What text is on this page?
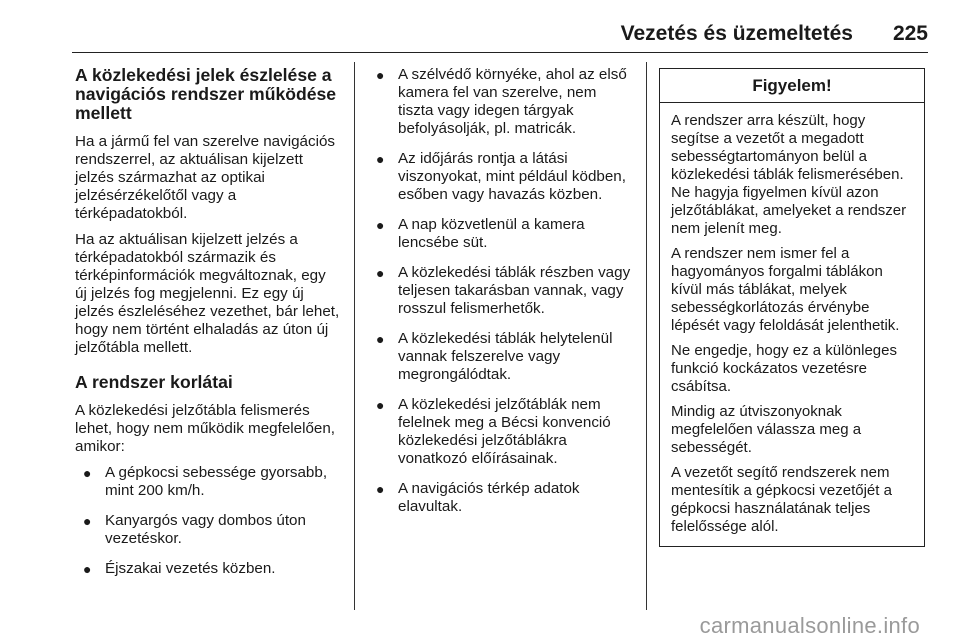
Vezetés és üzemeltetés 225
A közlekedési jelek észlelése a navigációs rendszer működése mellett

Ha a jármű fel van szerelve navigációs rendszerrel, az aktuálisan kijelzett jelzés származhat az optikai jelzésérzékelőtől vagy a térképadatokból.

Ha az aktuálisan kijelzett jelzés a térképadatokból származik és térképinformációk megváltoznak, egy új jelzés fog megjelenni. Ez egy új jelzés észleléséhez vezethet, bár lehet, hogy nem történt elhaladás az úton új jelzőtábla mellett.

A rendszer korlátai

A közlekedési jelzőtábla felismerés lehet, hogy nem működik megfelelően, amikor:

● A gépkocsi sebessége gyorsabb, mint 200 km/h.
● Kanyargós vagy dombos úton vezetéskor.
● Éjszakai vezetés közben.
● A szélvédő környéke, ahol az első kamera fel van szerelve, nem tiszta vagy idegen tárgyak befolyásolják, pl. matricák.
● Az időjárás rontja a látási viszonyokat, mint például ködben, esőben vagy havazás közben.
● A nap közvetlenül a kamera lencsébe süt.
● A közlekedési táblák részben vagy teljesen takarásban vannak, vagy rosszul felismerhetők.
● A közlekedési táblák helytelenül vannak felszerelve vagy megrongálódtak.
● A közlekedési jelzőtáblák nem felelnek meg a Bécsi konvenció közlekedési jelzőtáblákra vonatkozó előírásainak.
● A navigációs térkép adatok elavultak.
Figyelem!

A rendszer arra készült, hogy segítse a vezetőt a megadott sebességtartományon belül a közlekedési táblák felismerésében. Ne hagyja figyelmen kívül azon jelzőtáblákat, amelyeket a rendszer nem jelenít meg.

A rendszer nem ismer fel a hagyományos forgalmi táblákon kívül más táblákat, melyek sebességkorlátozás érvénybe lépését vagy feloldását jelenthetik.

Ne engedje, hogy ez a különleges funkció kockázatos vezetésre csábítsa.

Mindig az útviszonyoknak megfelelően válassza meg a sebességét.

A vezetőt segítő rendszerek nem mentesítik a gépkocsi vezetőjét a gépkocsi használatának teljes felelőssége alól.

carmanualsonline.info
